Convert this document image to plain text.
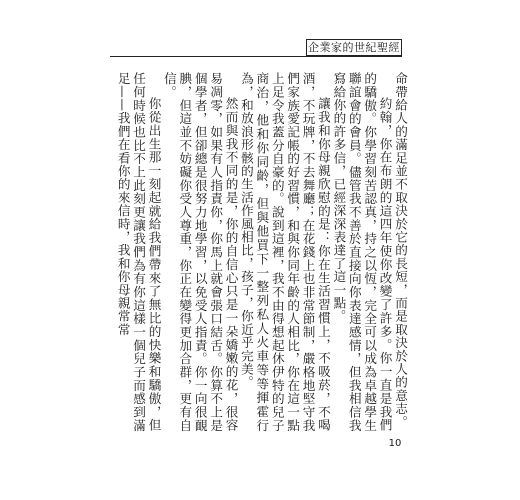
企業家的世紀聖經

命帶給人的滿足並不取決於它的長短，而是取決於人的意志。

約翰，你在布朗的這四年使你改變了許多。你一直是我們的驕傲。你學習刻苦認真，持之以恆，完全可以成為卓越學生聯誼會的會員。儘管我不善於直接向你表達感情，但我相信我寫給你的許多信，已經深深表達了這一點。

讓我和你母親欣慰的是：你在生活習慣上，不吸菸，不喝酒，不玩牌，不去舞廳；在花錢上也非常節制，嚴格地堅守我們家族愛記帳的好習慣，和與你同年齡的人相比，你在這一點上足令我蓋分自豪的。說到這裡，我不由得想起休伊特的兒子商治，他和你同齡，但與他買下一整列私人火車等等揮霍行為，和放浪形骸的生活作風相比，孩子，你近乎完美。

然而與我不同的是，你的自信心只是一朵嬌嫩的花，很容易凋零，如果有人指責你，你馬上就會張口結舌。你算不上是個學者，但卻總是很努力地學習，以免受人指責。你一向很靦腆，但這並不妨礙你受人尊重，你正在變得更加合群，更有自信。

你從出生那一刻起就給我們帶來了無比的快樂和驕傲，但任何時候也比不上此刻更讓我們為有你這樣一個兒子而感到滿足——我們在看你的來信時，我和你母親常常

10
